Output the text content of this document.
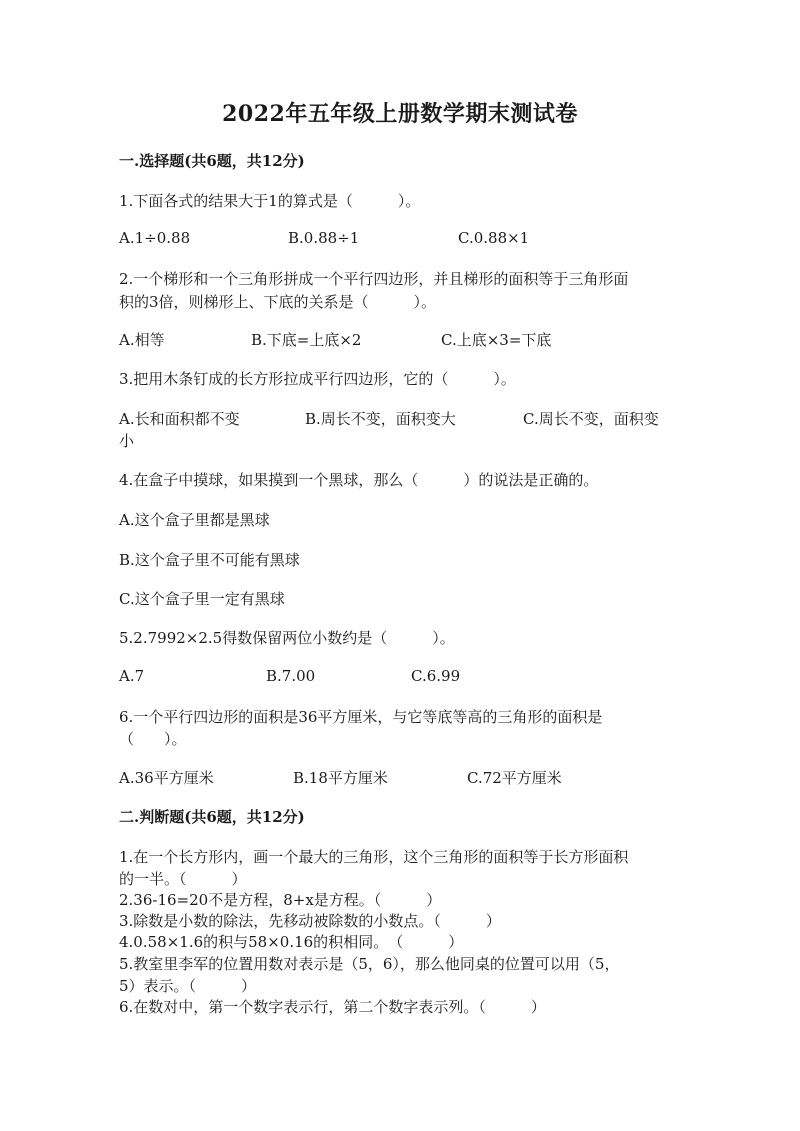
2022年五年级上册数学期末测试卷
一.选择题(共6题，共12分)
1.下面各式的结果大于1的算式是（　　　）。
A.1÷0.88	B.0.88÷1	C.0.88×1
2.一个梯形和一个三角形拼成一个平行四边形，并且梯形的面积等于三角形面
积的3倍，则梯形上、下底的关系是（　　　）。
A.相等	B.下底=上底×2	C.上底×3=下底
3.把用木条钉成的长方形拉成平行四边形，它的（　　　）。
A.长和面积都不变	B.周长不变，面积变大	C.周长不变，面积变
小
4.在盒子中摸球，如果摸到一个黑球，那么（　　　）的说法是正确的。
A.这个盒子里都是黑球
B.这个盒子里不可能有黑球
C.这个盒子里一定有黑球
5.2.7992×2.5得数保留两位小数约是（　　　）。
A.7	B.7.00	C.6.99
6.一个平行四边形的面积是36平方厘米，与它等底等高的三角形的面积是
（　　）。
A.36平方厘米	B.18平方厘米	C.72平方厘米
二.判断题(共6题，共12分)
1.在一个长方形内，画一个最大的三角形，这个三角形的面积等于长方形面积
的一半。（　　　）
2.36-16=20不是方程，8+x是方程。（　　　）
3.除数是小数的除法，先移动被除数的小数点。（　　　）
4.0.58×1.6的积与58×0.16的积相同。　（　　　）
5.教室里李军的位置用数对表示是（5，6），那么他同桌的位置可以用（5，
5）表示。（　　　）
6.在数对中，第一个数字表示行，第二个数字表示列。（　　　）
